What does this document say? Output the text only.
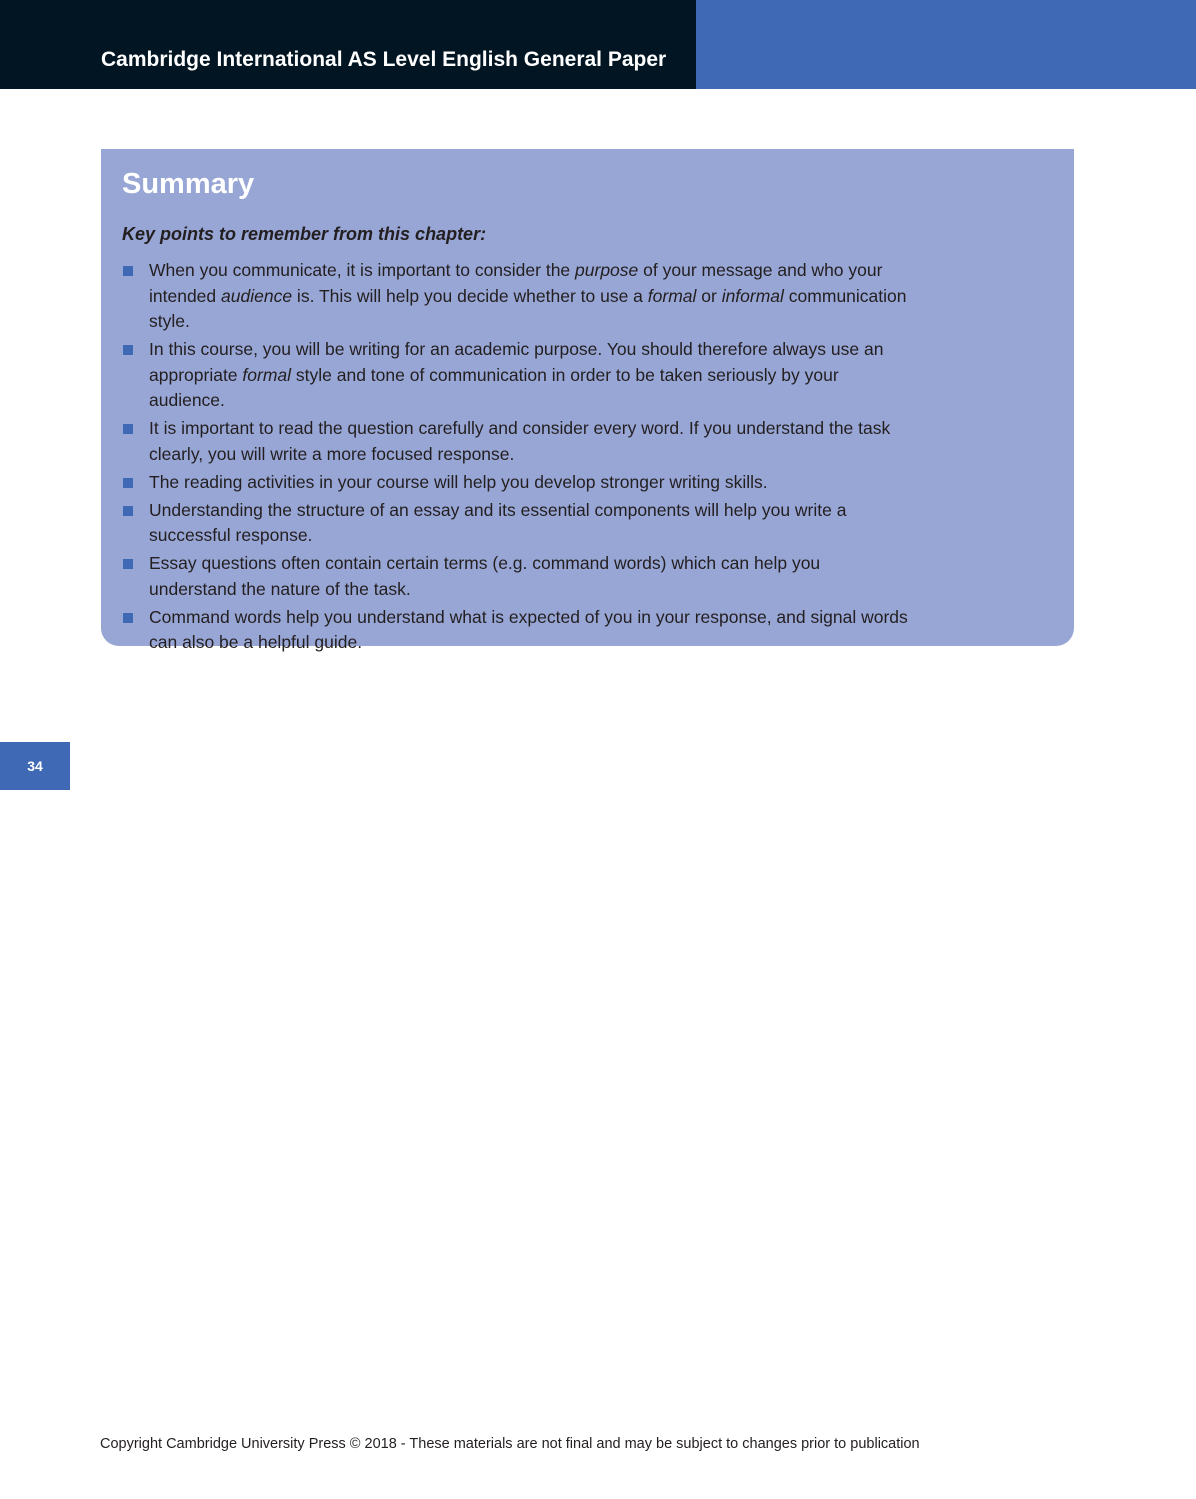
Cambridge International AS Level English General Paper
Summary

Key points to remember from this chapter:

When you communicate, it is important to consider the purpose of your message and who your intended audience is. This will help you decide whether to use a formal or informal communication style.
In this course, you will be writing for an academic purpose. You should therefore always use an appropriate formal style and tone of communication in order to be taken seriously by your audience.
It is important to read the question carefully and consider every word. If you understand the task clearly, you will write a more focused response.
The reading activities in your course will help you develop stronger writing skills.
Understanding the structure of an essay and its essential components will help you write a successful response.
Essay questions often contain certain terms (e.g. command words) which can help you understand the nature of the task.
Command words help you understand what is expected of you in your response, and signal words can also be a helpful guide.
34
Copyright Cambridge University Press © 2018 - These materials are not final and may be subject to changes prior to publication
